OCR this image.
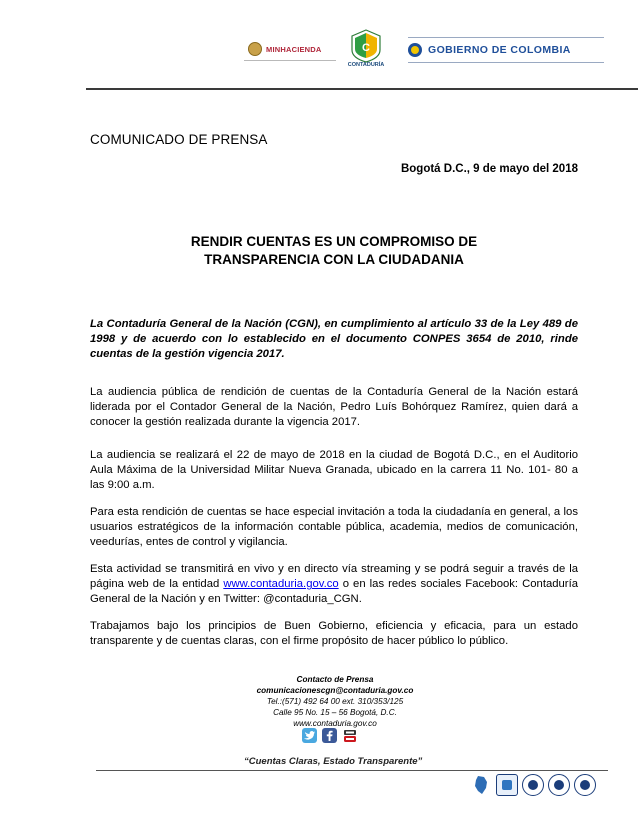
MINHACIENDA	C
CONTADURÍA
GOBIERNO DE COLOMBIA
COMUNICADO DE PRENSA
Bogotá D.C., 9 de mayo del 2018
RENDIR CUENTAS ES UN COMPROMISO DE
TRANSPARENCIA CON LA CIUDADANIA
La Contaduría General de la Nación (CGN), en cumplimiento al artículo 33 de la Ley 489 de 1998 y de acuerdo con lo establecido en el documento CONPES 3654 de 2010, rinde cuentas de la gestión vigencia 2017.

La audiencia pública de rendición de cuentas de la Contaduría General de la Nación estará liderada por el Contador General de la Nación, Pedro Luís Bohórquez Ramírez, quien dará a conocer la gestión realizada durante la vigencia 2017.

La audiencia se realizará el 22 de mayo de 2018 en la ciudad de Bogotá D.C., en el Auditorio Aula Máxima de la Universidad Militar Nueva Granada, ubicado en la carrera 11 No. 101- 80 a las 9:00 a.m.

Para esta rendición de cuentas se hace especial invitación a toda la ciudadanía en general, a los usuarios estratégicos de la información contable pública, academia, medios de comunicación, veedurías, entes de control y vigilancia.

Esta actividad se transmitirá en vivo y en directo vía streaming y se podrá seguir a través de la página web de la entidad www.contaduria.gov.co o en las redes sociales Facebook: Contaduría General de la Nación y en Twitter: @contaduria_CGN.

Trabajamos bajo los principios de Buen Gobierno, eficiencia y eficacia, para un estado transparente y de cuentas claras, con el firme propósito de hacer público lo público.

Contacto de Prensa
comunicacionescgn@contaduria.gov.co
Tel.:(571) 492 64 00 ext. 310/353/125
Calle 95 No. 15 – 56 Bogotá, D.C.
www.contaduria.gov.co
“Cuentas Claras, Estado Transparente”
